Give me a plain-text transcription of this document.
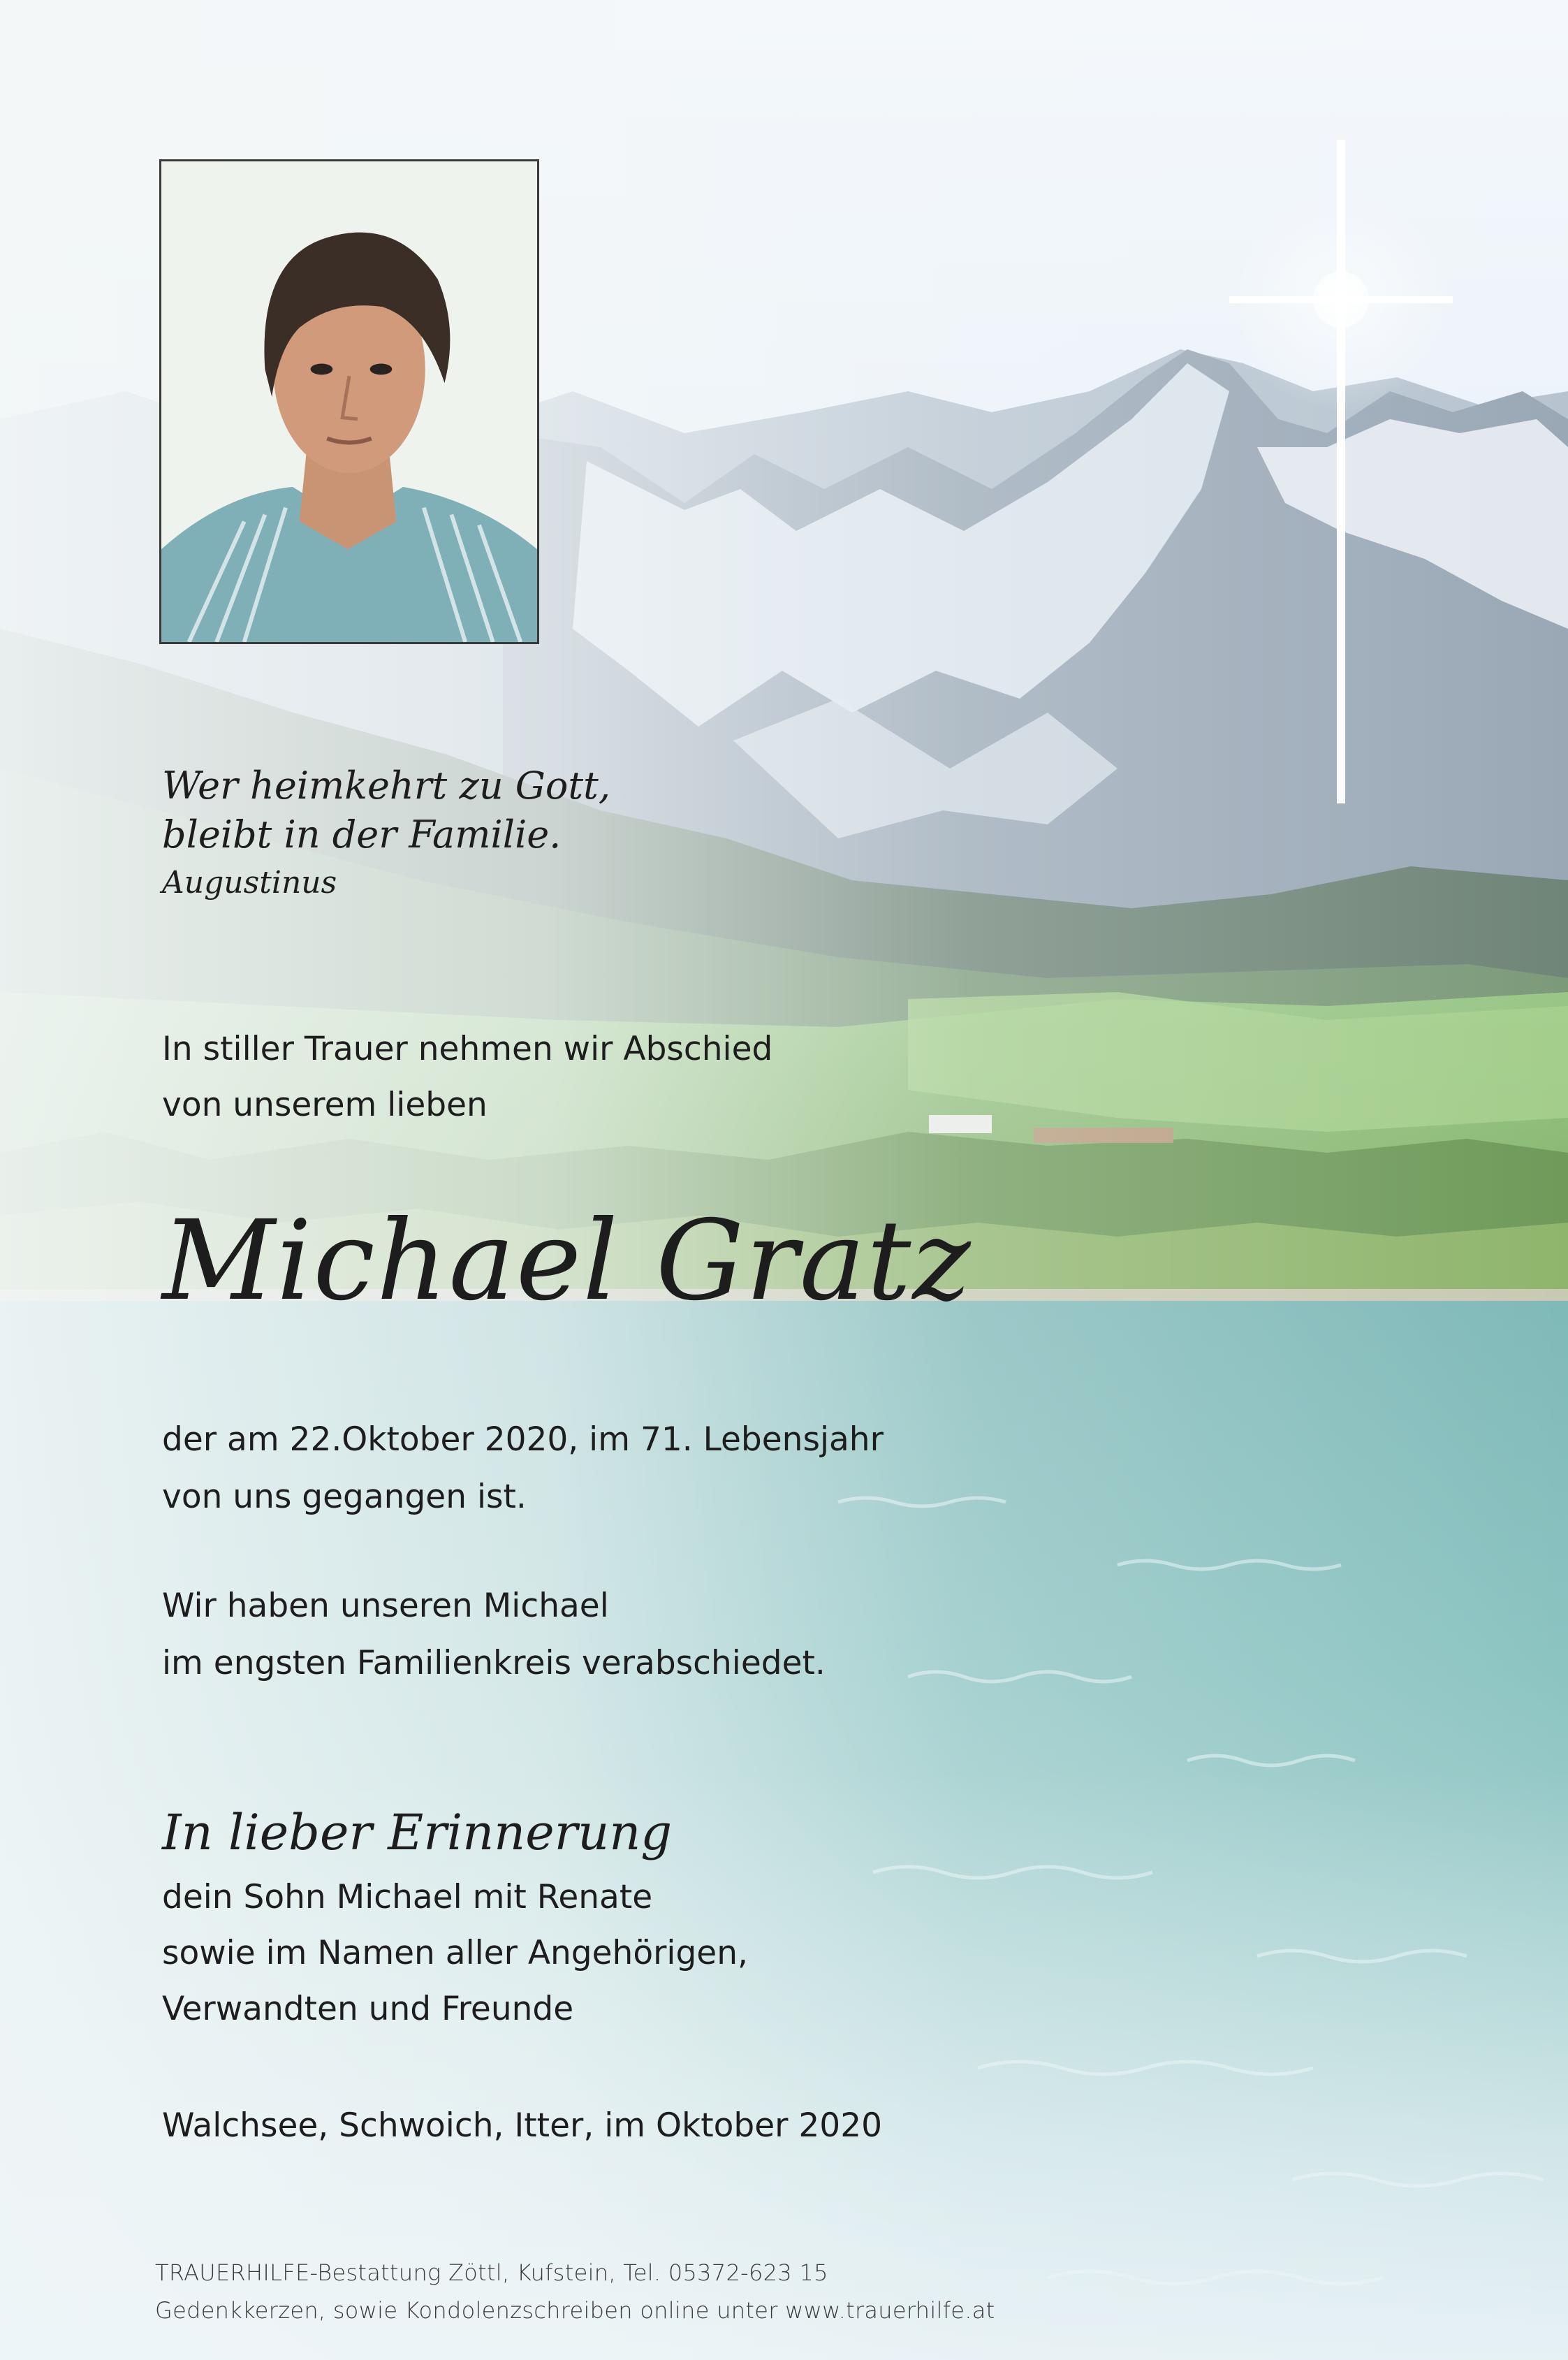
Wer heimkehrt zu Gott,
bleibt in der Familie.
Augustinus
In stiller Trauer nehmen wir Abschied
von unserem lieben
Michael Gratz
der am 22.Oktober 2020, im 71. Lebensjahr
von uns gegangen ist.
Wir haben unseren Michael
im engsten Familienkreis verabschiedet.
In lieber Erinnerung
dein Sohn Michael mit Renate
sowie im Namen aller Angehörigen,
Verwandten und Freunde
Walchsee, Schwoich, Itter, im Oktober 2020
TRAUERHILFE-Bestattung Zöttl, Kufstein, Tel. 05372-623 15
Gedenkkerzen, sowie Kondolenzschreiben online unter www.trauerhilfe.at
